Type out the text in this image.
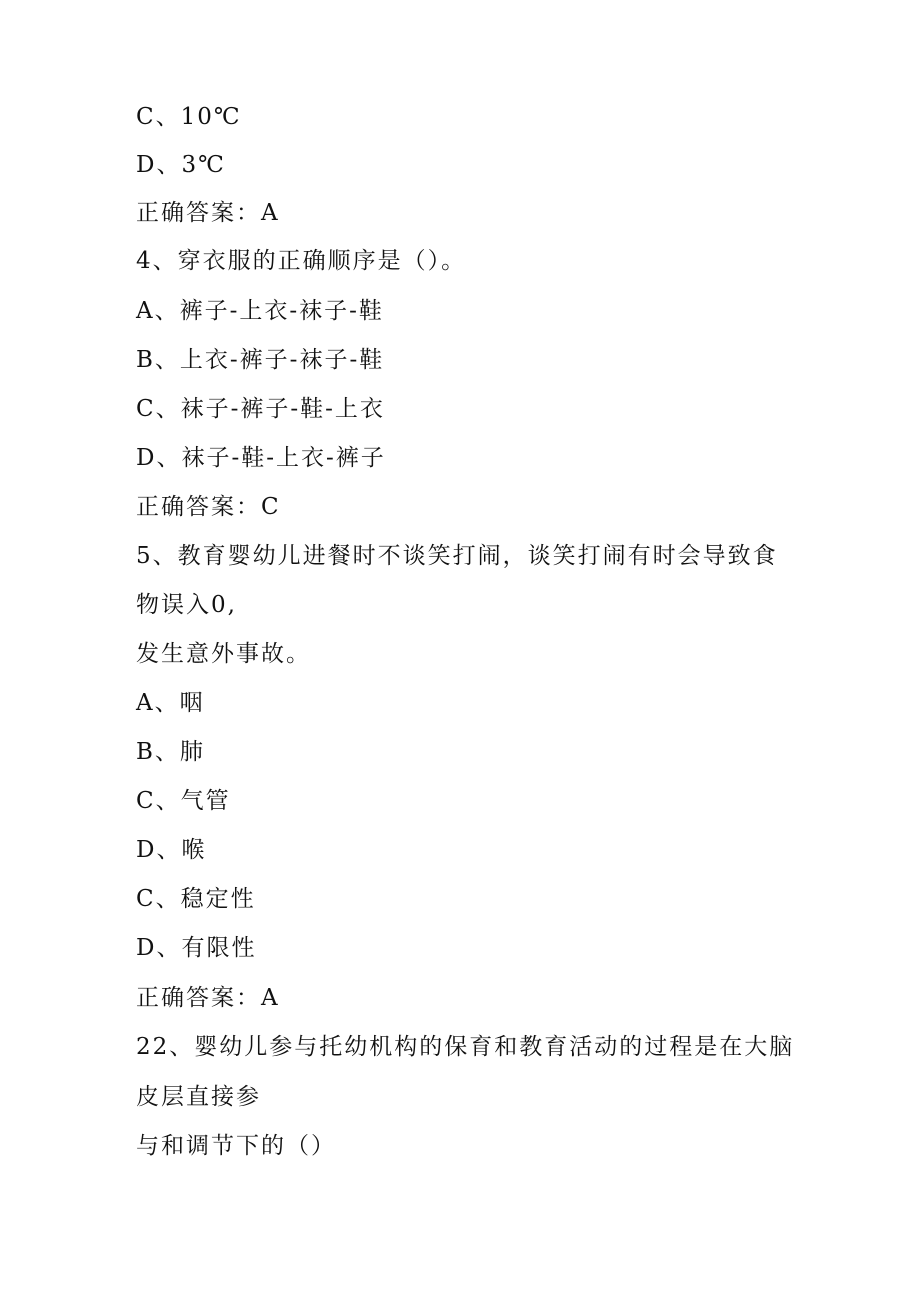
C、10℃

D、3℃

正确答案：A

4、穿衣服的正确顺序是（）。

A、裤子-上衣-袜子-鞋

B、上衣-裤子-袜子-鞋

C、袜子-裤子-鞋-上衣

D、袜子-鞋-上衣-裤子

正确答案：C

5、教育婴幼儿进餐时不谈笑打闹，谈笑打闹有时会导致食

物误入0,

发生意外事故。

A、咽

B、肺

C、气管

D、喉

C、稳定性

D、有限性

正确答案：A

22、婴幼儿参与托幼机构的保育和教育活动的过程是在大脑

皮层直接参

与和调节下的（）
